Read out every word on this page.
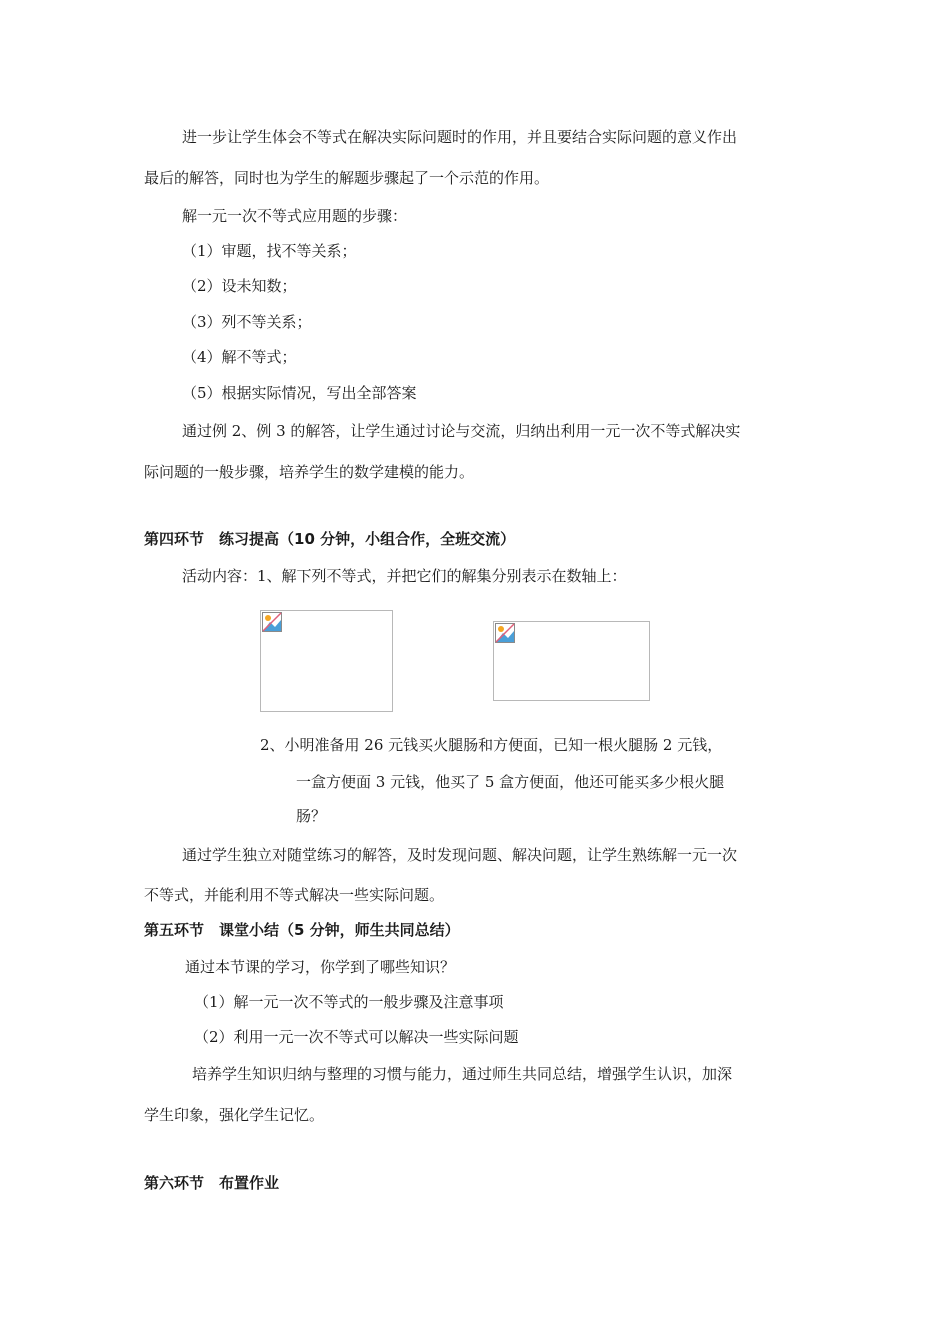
进一步让学生体会不等式在解决实际问题时的作用，并且要结合实际问题的意义作出
最后的解答，同时也为学生的解题步骤起了一个示范的作用。
解一元一次不等式应用题的步骤：
（1）审题，找不等关系；
（2）设未知数；
（3）列不等关系；
（4）解不等式；
（5）根据实际情况，写出全部答案
通过例 2、例 3 的解答，让学生通过讨论与交流，归纳出利用一元一次不等式解决实
际问题的一般步骤，培养学生的数学建模的能力。
第四环节　练习提高（10 分钟，小组合作，全班交流）
活动内容：1、解下列不等式，并把它们的解集分别表示在数轴上：
2、小明准备用 26 元钱买火腿肠和方便面，已知一根火腿肠 2 元钱，
一盒方便面 3 元钱，他买了 5 盒方便面，他还可能买多少根火腿
肠？
通过学生独立对随堂练习的解答，及时发现问题、解决问题，让学生熟练解一元一次
不等式，并能利用不等式解决一些实际问题。
第五环节　课堂小结（5 分钟，师生共同总结）
通过本节课的学习，你学到了哪些知识？
（1）解一元一次不等式的一般步骤及注意事项
（2）利用一元一次不等式可以解决一些实际问题
培养学生知识归纳与整理的习惯与能力，通过师生共同总结，增强学生认识，加深
学生印象，强化学生记忆。
第六环节　布置作业
